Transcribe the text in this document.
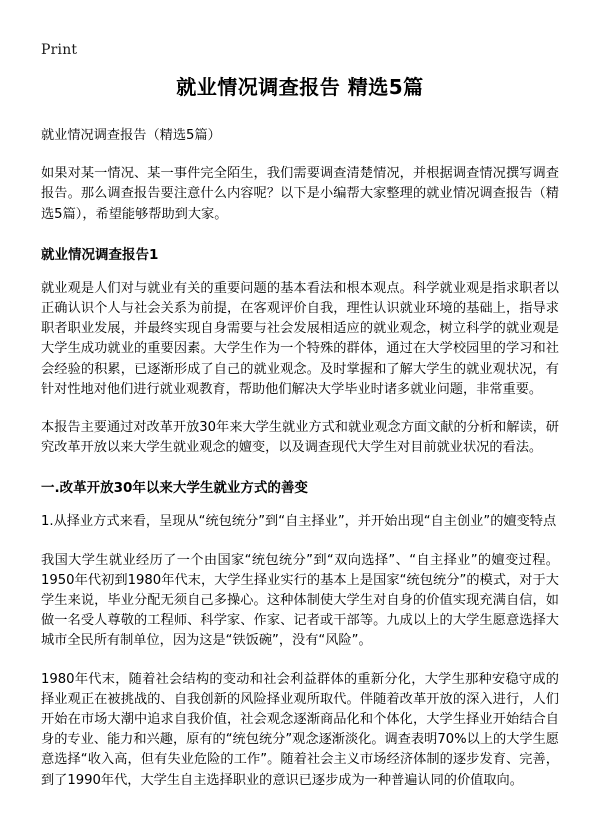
Print
就业情况调查报告 精选5篇

就业情况调查报告（精选5篇）

如果对某一情况、某一事件完全陌生，我们需要调查清楚情况，并根据调查情况撰写调查报告。那么调查报告要注意什么内容呢？以下是小编帮大家整理的就业情况调查报告（精选5篇），希望能够帮助到大家。

就业情况调查报告1

就业观是人们对与就业有关的重要问题的基本看法和根本观点。科学就业观是指求职者以正确认识个人与社会关系为前提，在客观评价自我，理性认识就业环境的基础上，指导求职者职业发展，并最终实现自身需要与社会发展相适应的就业观念，树立科学的就业观是大学生成功就业的重要因素。大学生作为一个特殊的群体，通过在大学校园里的学习和社会经验的积累，已逐渐形成了自己的就业观念。及时掌握和了解大学生的就业观状况，有针对性地对他们进行就业观教育，帮助他们解决大学毕业时诸多就业问题，非常重要。

本报告主要通过对改革开放30年来大学生就业方式和就业观念方面文献的分析和解读，研究改革开放以来大学生就业观念的嬗变，以及调查现代大学生对目前就业状况的看法。

一.改革开放30年以来大学生就业方式的善变

1.从择业方式来看，呈现从“统包统分”到“自主择业”，并开始出现“自主创业”的嬗变特点

我国大学生就业经历了一个由国家“统包统分”到“双向选择”、“自主择业”的嬗变过程。1950年代初到1980年代末，大学生择业实行的基本上是国家“统包统分”的模式，对于大学生来说，毕业分配无须自己多操心。这种体制使大学生对自身的价值实现充满自信，如做一名受人尊敬的工程师、科学家、作家、记者或干部等。九成以上的大学生愿意选择大城市全民所有制单位，因为这是“铁饭碗”，没有“风险”。

1980年代末，随着社会结构的变动和社会利益群体的重新分化，大学生那种安稳守成的择业观正在被挑战的、自我创新的风险择业观所取代。伴随着改革开放的深入进行，人们开始在市场大潮中追求自我价值，社会观念逐渐商品化和个体化，大学生择业开始结合自身的专业、能力和兴趣，原有的“统包统分”观念逐渐淡化。调查表明70%以上的大学生愿意选择“收入高，但有失业危险的工作”。随着社会主义市场经济体制的逐步发育、完善，到了1990年代，大学生自主选择职业的意识已逐步成为一种普遍认同的价值取向。
